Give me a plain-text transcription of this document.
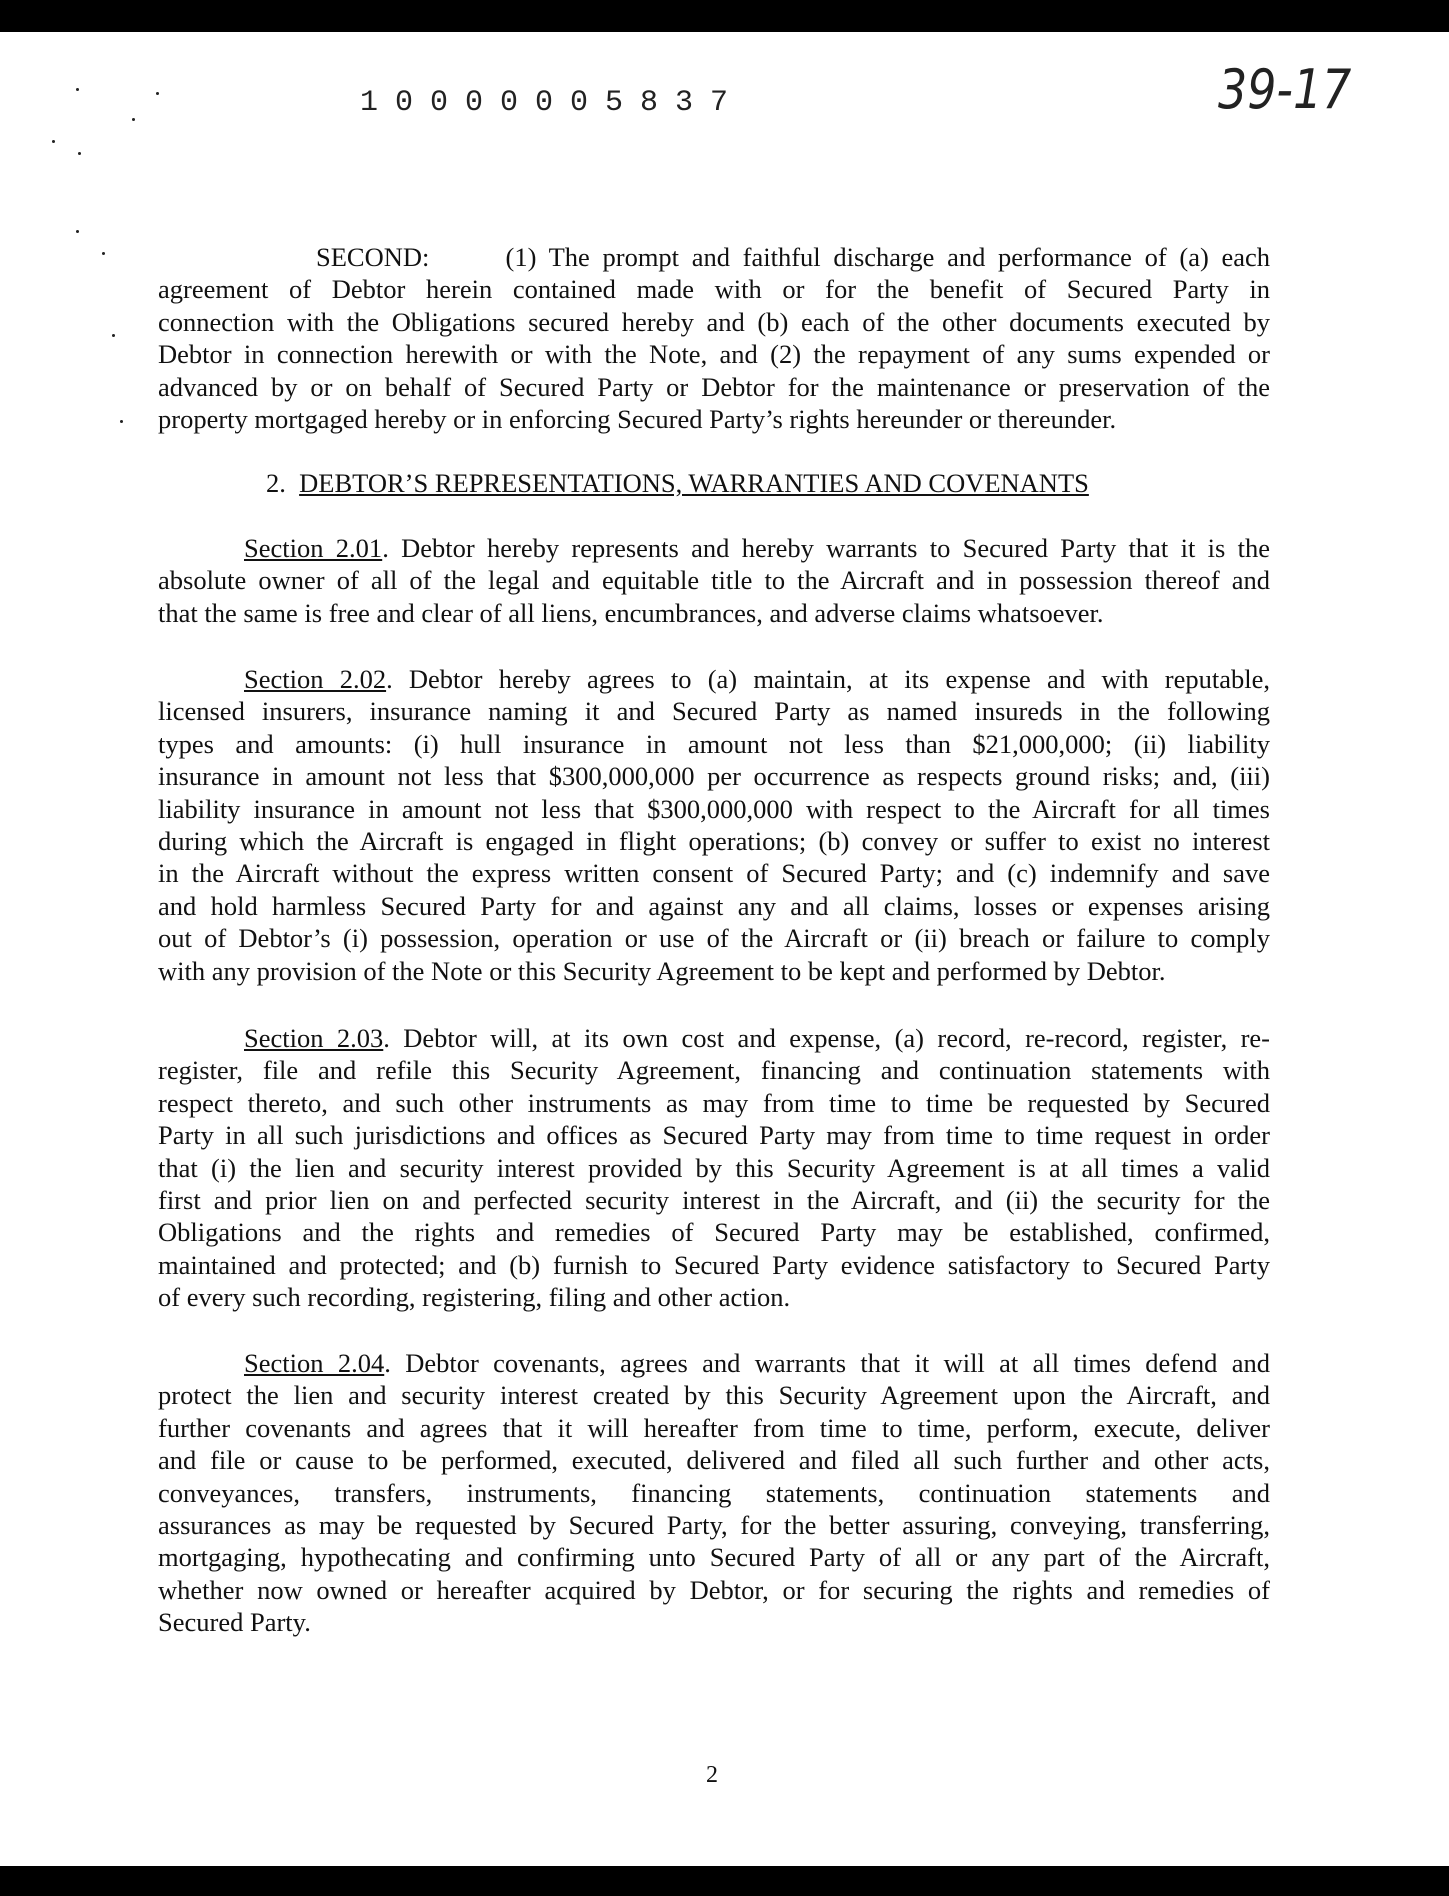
10000005837	39-17
SECOND:	(1) The prompt and faithful discharge and performance of (a) each
agreement of Debtor herein contained made with or for the benefit of Secured Party in
connection with the Obligations secured hereby and (b) each of the other documents executed by
Debtor in connection herewith or with the Note, and (2) the repayment of any sums expended or
advanced by or on behalf of Secured Party or Debtor for the maintenance or preservation of the
property mortgaged hereby or in enforcing Secured Party’s rights hereunder or thereunder.
2. DEBTOR’S REPRESENTATIONS, WARRANTIES AND COVENANTS
Section 2.01. Debtor hereby represents and hereby warrants to Secured Party that it is the
absolute owner of all of the legal and equitable title to the Aircraft and in possession thereof and
that the same is free and clear of all liens, encumbrances, and adverse claims whatsoever.
Section 2.02. Debtor hereby agrees to (a) maintain, at its expense and with reputable,
licensed insurers, insurance naming it and Secured Party as named insureds in the following
types and amounts: (i) hull insurance in amount not less than $21,000,000; (ii) liability
insurance in amount not less that $300,000,000 per occurrence as respects ground risks; and, (iii)
liability insurance in amount not less that $300,000,000 with respect to the Aircraft for all times
during which the Aircraft is engaged in flight operations; (b) convey or suffer to exist no interest
in the Aircraft without the express written consent of Secured Party; and (c) indemnify and save
and hold harmless Secured Party for and against any and all claims, losses or expenses arising
out of Debtor’s (i) possession, operation or use of the Aircraft or (ii) breach or failure to comply
with any provision of the Note or this Security Agreement to be kept and performed by Debtor.
Section 2.03. Debtor will, at its own cost and expense, (a) record, re-record, register, re-
register, file and refile this Security Agreement, financing and continuation statements with
respect thereto, and such other instruments as may from time to time be requested by Secured
Party in all such jurisdictions and offices as Secured Party may from time to time request in order
that (i) the lien and security interest provided by this Security Agreement is at all times a valid
first and prior lien on and perfected security interest in the Aircraft, and (ii) the security for the
Obligations and the rights and remedies of Secured Party may be established, confirmed,
maintained and protected; and (b) furnish to Secured Party evidence satisfactory to Secured Party
of every such recording, registering, filing and other action.
Section 2.04. Debtor covenants, agrees and warrants that it will at all times defend and
protect the lien and security interest created by this Security Agreement upon the Aircraft, and
further covenants and agrees that it will hereafter from time to time, perform, execute, deliver
and file or cause to be performed, executed, delivered and filed all such further and other acts,
conveyances, transfers, instruments, financing statements, continuation statements and
assurances as may be requested by Secured Party, for the better assuring, conveying, transferring,
mortgaging, hypothecating and confirming unto Secured Party of all or any part of the Aircraft,
whether now owned or hereafter acquired by Debtor, or for securing the rights and remedies of
Secured Party.
2
